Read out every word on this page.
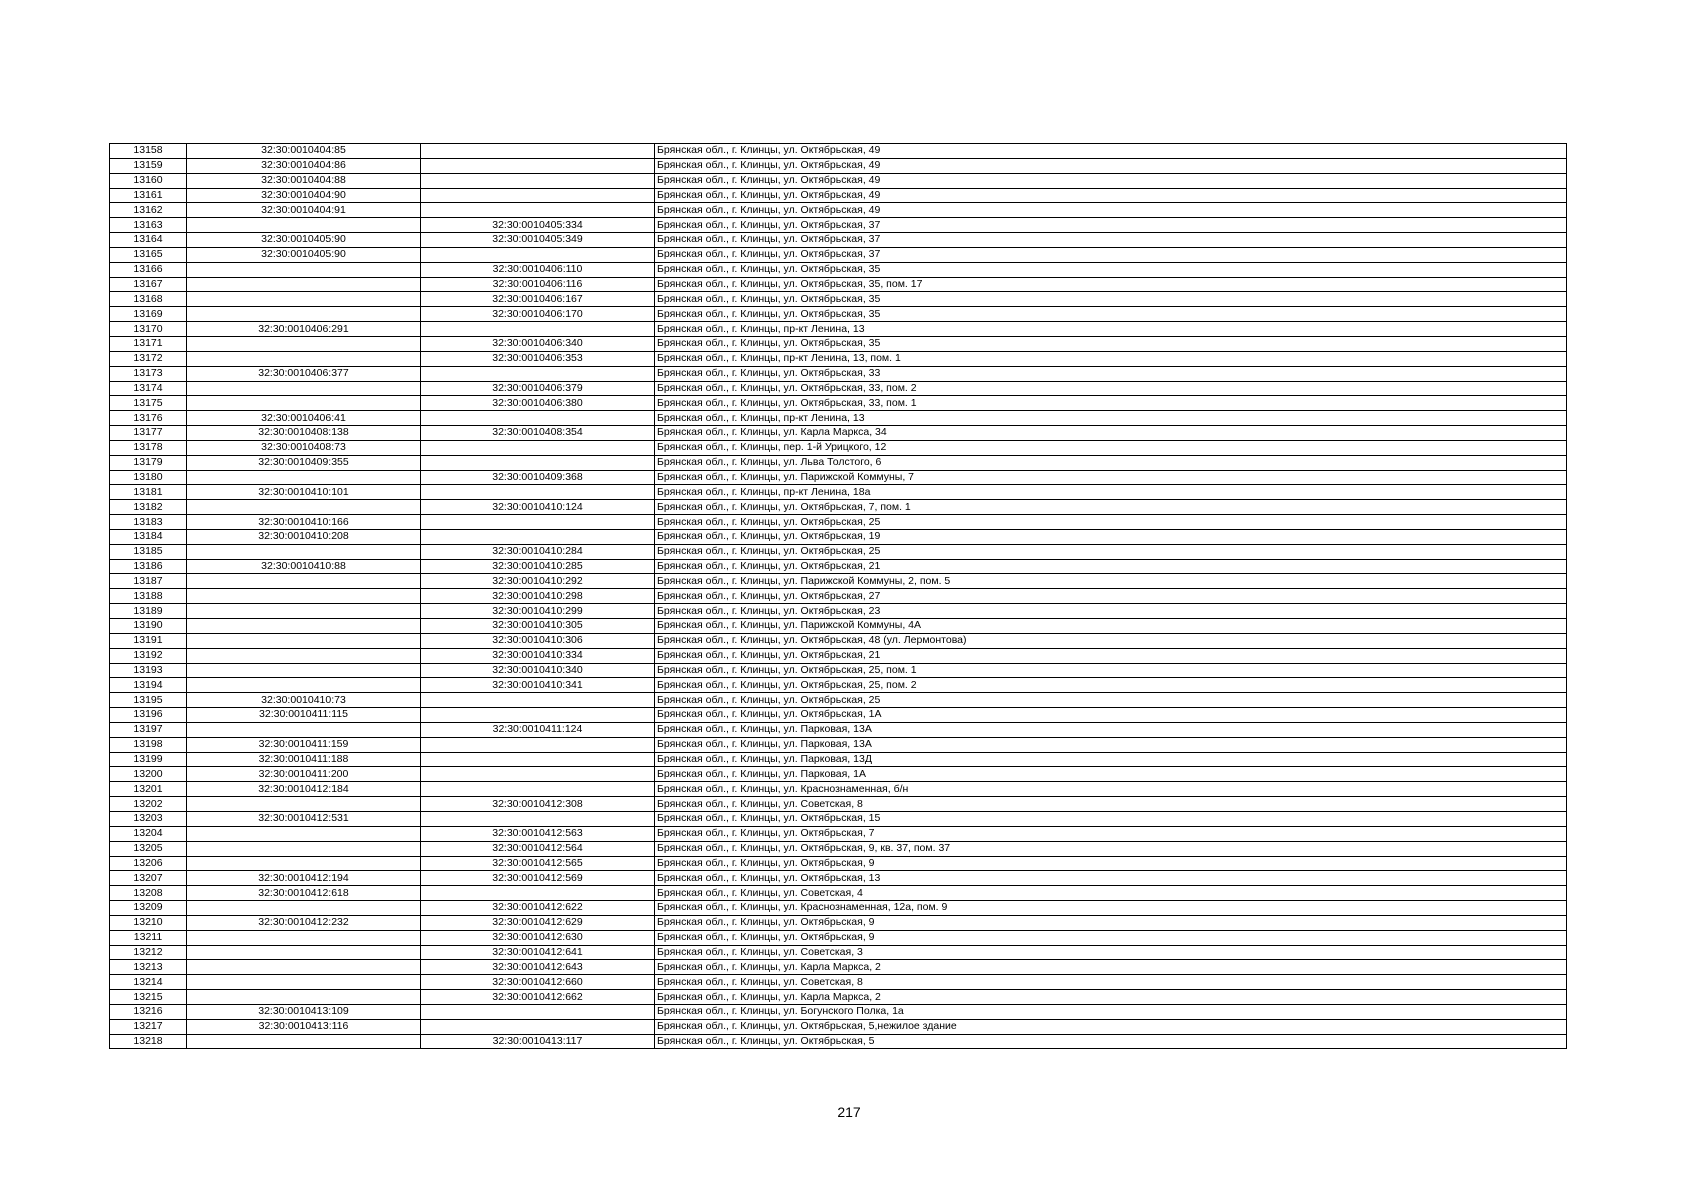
13158	32:30:0010404:85		Брянская обл., г. Клинцы, ул. Октябрьская, 49
13159	32:30:0010404:86		Брянская обл., г. Клинцы, ул. Октябрьская, 49
13160	32:30:0010404:88		Брянская обл., г. Клинцы, ул. Октябрьская, 49
13161	32:30:0010404:90		Брянская обл., г. Клинцы, ул. Октябрьская, 49
13162	32:30:0010404:91		Брянская обл., г. Клинцы, ул. Октябрьская, 49
13163		32:30:0010405:334	Брянская обл., г. Клинцы, ул. Октябрьская, 37
13164	32:30:0010405:90	32:30:0010405:349	Брянская обл., г. Клинцы, ул. Октябрьская, 37
13165	32:30:0010405:90		Брянская обл., г. Клинцы, ул. Октябрьская, 37
13166		32:30:0010406:110	Брянская обл., г. Клинцы, ул. Октябрьская, 35
13167		32:30:0010406:116	Брянская обл., г. Клинцы, ул. Октябрьская, 35, пом. 17
13168		32:30:0010406:167	Брянская обл., г. Клинцы, ул. Октябрьская, 35
13169		32:30:0010406:170	Брянская обл., г. Клинцы, ул. Октябрьская, 35
13170	32:30:0010406:291		Брянская обл., г. Клинцы, пр-кт Ленина, 13
13171		32:30:0010406:340	Брянская обл., г. Клинцы, ул. Октябрьская, 35
13172		32:30:0010406:353	Брянская обл., г. Клинцы, пр-кт Ленина, 13, пом. 1
13173	32:30:0010406:377		Брянская обл., г. Клинцы, ул. Октябрьская, 33
13174		32:30:0010406:379	Брянская обл., г. Клинцы, ул. Октябрьская, 33, пом. 2
13175		32:30:0010406:380	Брянская обл., г. Клинцы, ул. Октябрьская, 33, пом. 1
13176	32:30:0010406:41		Брянская обл., г. Клинцы, пр-кт Ленина, 13
13177	32:30:0010408:138	32:30:0010408:354	Брянская обл., г. Клинцы, ул. Карла Маркса, 34
13178	32:30:0010408:73		Брянская обл., г. Клинцы, пер. 1-й Урицкого, 12
13179	32:30:0010409:355		Брянская обл., г. Клинцы, ул. Льва Толстого, 6
13180		32:30:0010409:368	Брянская обл., г. Клинцы, ул. Парижской Коммуны, 7
13181	32:30:0010410:101		Брянская обл., г. Клинцы, пр-кт Ленина, 18а
13182		32:30:0010410:124	Брянская обл., г. Клинцы, ул. Октябрьская, 7, пом. 1
13183	32:30:0010410:166		Брянская обл., г. Клинцы, ул. Октябрьская, 25
13184	32:30:0010410:208		Брянская обл., г. Клинцы, ул. Октябрьская, 19
13185		32:30:0010410:284	Брянская обл., г. Клинцы, ул. Октябрьская, 25
13186	32:30:0010410:88	32:30:0010410:285	Брянская обл., г. Клинцы, ул. Октябрьская, 21
13187		32:30:0010410:292	Брянская обл., г. Клинцы, ул. Парижской Коммуны, 2, пом. 5
13188		32:30:0010410:298	Брянская обл., г. Клинцы, ул. Октябрьская, 27
13189		32:30:0010410:299	Брянская обл., г. Клинцы, ул. Октябрьская, 23
13190		32:30:0010410:305	Брянская обл., г. Клинцы, ул. Парижской Коммуны, 4А
13191		32:30:0010410:306	Брянская обл., г. Клинцы, ул. Октябрьская, 48 (ул. Лермонтова)
13192		32:30:0010410:334	Брянская обл., г. Клинцы, ул. Октябрьская, 21
13193		32:30:0010410:340	Брянская обл., г. Клинцы, ул. Октябрьская, 25, пом. 1
13194		32:30:0010410:341	Брянская обл., г. Клинцы, ул. Октябрьская, 25, пом. 2
13195	32:30:0010410:73		Брянская обл., г. Клинцы, ул. Октябрьская, 25
13196	32:30:0010411:115		Брянская обл., г. Клинцы, ул. Октябрьская, 1А
13197		32:30:0010411:124	Брянская обл., г. Клинцы, ул. Парковая, 13А
13198	32:30:0010411:159		Брянская обл., г. Клинцы, ул. Парковая, 13А
13199	32:30:0010411:188		Брянская обл., г. Клинцы, ул. Парковая, 13Д
13200	32:30:0010411:200		Брянская обл., г. Клинцы, ул. Парковая, 1А
13201	32:30:0010412:184		Брянская обл., г. Клинцы, ул. Краснознаменная, б/н
13202		32:30:0010412:308	Брянская обл., г. Клинцы, ул. Советская, 8
13203	32:30:0010412:531		Брянская обл., г. Клинцы, ул. Октябрьская, 15
13204		32:30:0010412:563	Брянская обл., г. Клинцы, ул. Октябрьская, 7
13205		32:30:0010412:564	Брянская обл., г. Клинцы, ул. Октябрьская, 9, кв. 37, пом. 37
13206		32:30:0010412:565	Брянская обл., г. Клинцы, ул. Октябрьская, 9
13207	32:30:0010412:194	32:30:0010412:569	Брянская обл., г. Клинцы, ул. Октябрьская, 13
13208	32:30:0010412:618		Брянская обл., г. Клинцы, ул. Советская, 4
13209		32:30:0010412:622	Брянская обл., г. Клинцы, ул. Краснознаменная, 12а, пом. 9
13210	32:30:0010412:232	32:30:0010412:629	Брянская обл., г. Клинцы, ул. Октябрьская, 9
13211		32:30:0010412:630	Брянская обл., г. Клинцы, ул. Октябрьская, 9
13212		32:30:0010412:641	Брянская обл., г. Клинцы, ул. Советская, 3
13213		32:30:0010412:643	Брянская обл., г. Клинцы, ул. Карла Маркса, 2
13214		32:30:0010412:660	Брянская обл., г. Клинцы, ул. Советская, 8
13215		32:30:0010412:662	Брянская обл., г. Клинцы, ул. Карла Маркса, 2
13216	32:30:0010413:109		Брянская обл., г. Клинцы, ул. Богунского Полка, 1а
13217	32:30:0010413:116		Брянская обл., г. Клинцы, ул. Октябрьская, 5,нежилое здание
13218		32:30:0010413:117	Брянская обл., г. Клинцы, ул. Октябрьская, 5
217
